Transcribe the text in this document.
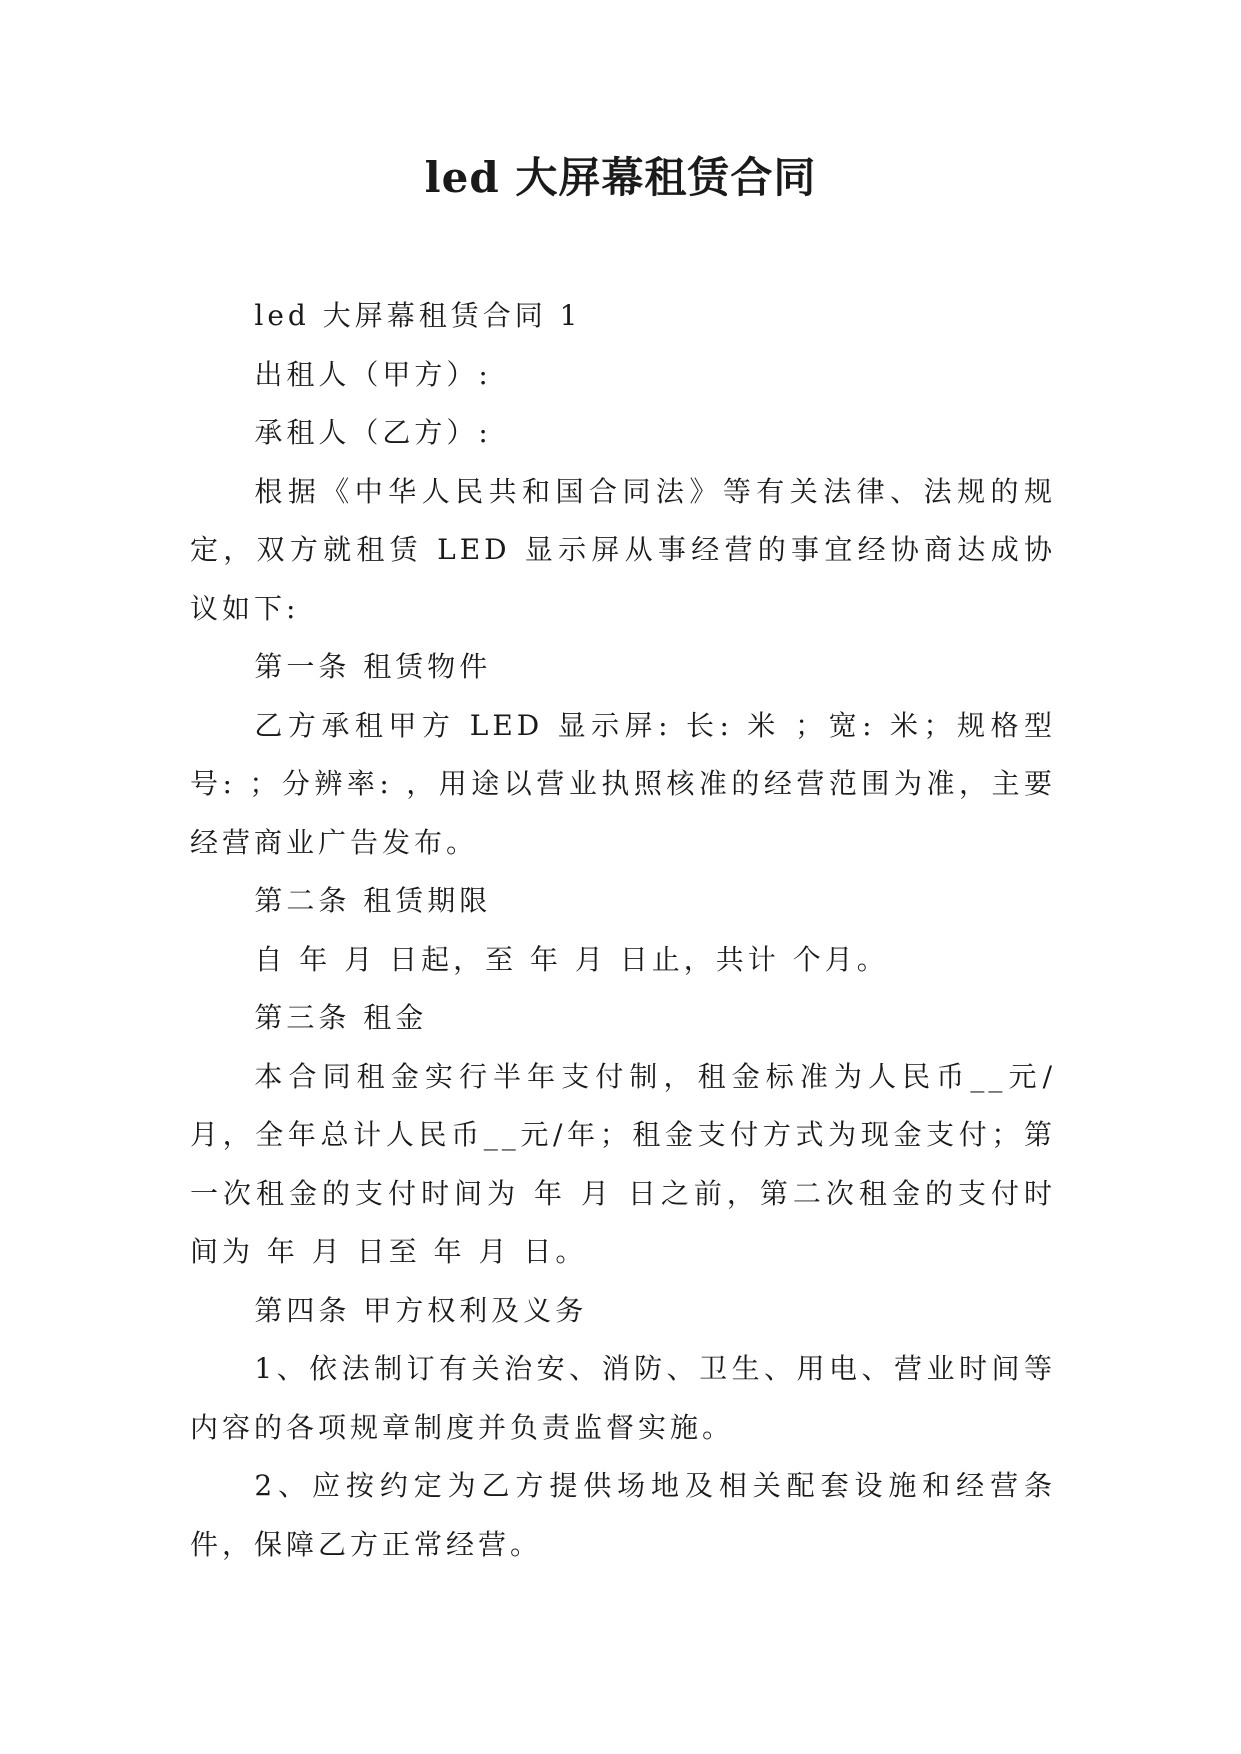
led 大屏幕租赁合同

led 大屏幕租赁合同 1

出租人（甲方）:

承租人（乙方）:

根据《中华人民共和国合同法》等有关法律、法规的规定，双方就租赁 LED 显示屏从事经营的事宜经协商达成协议如下:

第一条 租赁物件

乙方承租甲方 LED 显示屏: 长: 米 ；宽: 米；规格型号: ；分辨率: ，用途以营业执照核准的经营范围为准，主要经营商业广告发布。

第二条 租赁期限

自 年 月 日起，至 年 月 日止，共计 个月。

第三条 租金

本合同租金实行半年支付制，租金标准为人民币__元/月，全年总计人民币__元/年；租金支付方式为现金支付；第一次租金的支付时间为 年 月 日之前，第二次租金的支付时间为 年 月 日至 年 月 日。

第四条 甲方权利及义务

1、依法制订有关治安、消防、卫生、用电、营业时间等内容的各项规章制度并负责监督实施。

2、应按约定为乙方提供场地及相关配套设施和经营条件，保障乙方正常经营。
